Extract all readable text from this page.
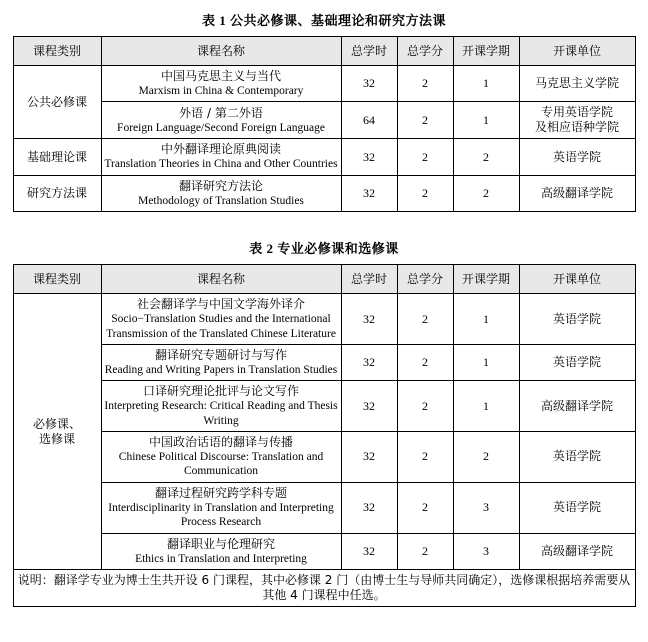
表 1 公共必修课、基础理论和研究方法课
课程类别	课程名称	总学时	总学分	开课学期	开课单位

公共必修课	中国马克思主义与当代
Marxism in China & Contemporary	32	2	1	马克思主义学院

	外语 / 第二外语
Foreign Language/Second Foreign Language	64	2	1	专用英语学院
及相应语种学院

基础理论课	中外翻译理论原典阅读
Translation Theories in China and Other Countries	32	2	2	英语学院

研究方法课	翻译研究方法论
Methodology of Translation Studies	32	2	2	高级翻译学院
表 2 专业必修课和选修课
课程类别	课程名称	总学时	总学分	开课学期	开课单位

必修课、
选修课	社会翻译学与中国文学海外译介
Socio−Translation Studies and the International Transmission of the Translated Chinese Literature	32	2	1	英语学院

	翻译研究专题研讨与写作
Reading and Writing Papers in Translation Studies	32	2	1	英语学院

	口译研究理论批评与论文写作
Interpreting Research: Critical Reading and Thesis Writing	32	2	1	高级翻译学院

	中国政治话语的翻译与传播
Chinese Political Discourse: Translation and Communication	32	2	2	英语学院

	翻译过程研究跨学科专题
Interdisciplinarity in Translation and Interpreting Process Research	32	2	3	英语学院

	翻译职业与伦理研究
Ethics in Translation and Interpreting	32	2	3	高级翻译学院

说明：翻译学专业为博士生共开设 6 门课程，其中必修课 2 门（由博士生与导师共同确定），选修课根据培养需要从其他 4 门课程中任选。					
